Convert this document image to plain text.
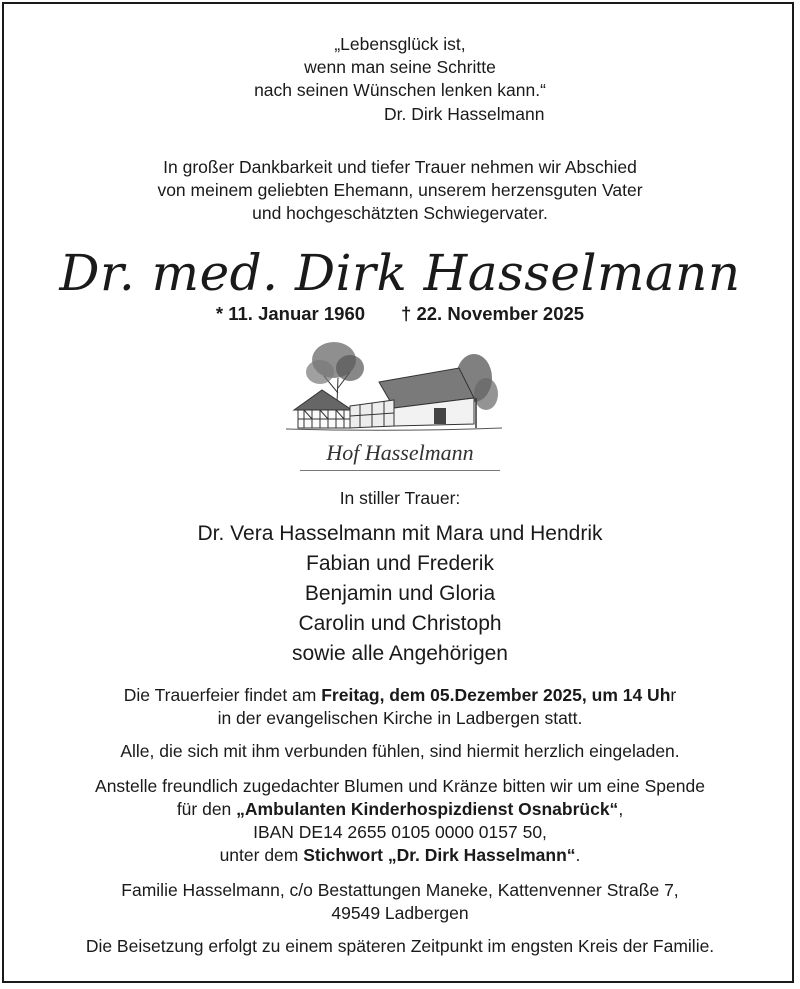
„Lebensglück ist,
wenn man seine Schritte
nach seinen Wünschen lenken kann.“
Dr. Dirk Hasselmann
In großer Dankbarkeit und tiefer Trauer nehmen wir Abschied
von meinem geliebten Ehemann, unserem herzensguten Vater
und hochgeschätzten Schwiegervater.
Dr. med. Dirk Hasselmann
* 11. Januar 1960 † 22. November 2025
Hof Hasselmann
In stiller Trauer:
Dr. Vera Hasselmann mit Mara und Hendrik
Fabian und Frederik
Benjamin und Gloria
Carolin und Christoph
sowie alle Angehörigen
Die Trauerfeier findet am Freitag, dem 05.Dezember 2025, um 14 Uhr
in der evangelischen Kirche in Ladbergen statt.
Alle, die sich mit ihm verbunden fühlen, sind hiermit herzlich eingeladen.
Anstelle freundlich zugedachter Blumen und Kränze bitten wir um eine Spende
für den „Ambulanten Kinderhospizdienst Osnabrück“,
IBAN DE14 2655 0105 0000 0157 50,
unter dem Stichwort „Dr. Dirk Hasselmann“.
Familie Hasselmann, c/o Bestattungen Maneke, Kattenvenner Straße 7,
49549 Ladbergen
Die Beisetzung erfolgt zu einem späteren Zeitpunkt im engsten Kreis der Familie.
